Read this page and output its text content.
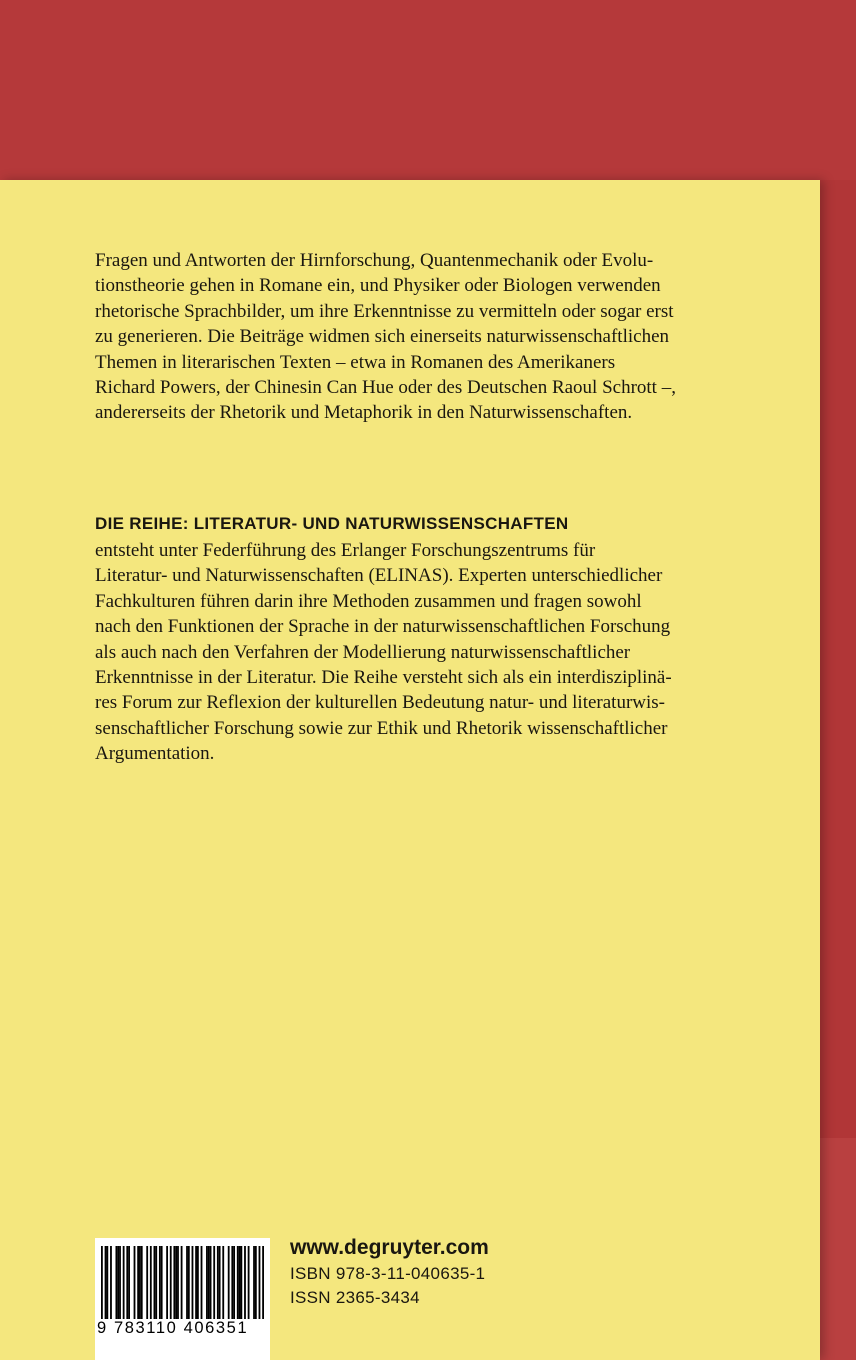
Fragen und Antworten der Hirnforschung, Quantenmechanik oder Evolu-
tionstheorie gehen in Romane ein, und Physiker oder Biologen verwenden
rhetorische Sprachbilder, um ihre Erkenntnisse zu vermitteln oder sogar erst
zu generieren. Die Beiträge widmen sich einerseits naturwissenschaftlichen
Themen in literarischen Texten – etwa in Romanen des Amerikaners
Richard Powers, der Chinesin Can Hue oder des Deutschen Raoul Schrott –,
andererseits der Rhetorik und Metaphorik in den Naturwissenschaften.

DIE REIHE: LITERATUR- UND NATURWISSENSCHAFTEN

entsteht unter Federführung des Erlanger Forschungszentrums für
Literatur- und Naturwissenschaften (ELINAS). Experten unterschiedlicher
Fachkulturen führen darin ihre Methoden zusammen und fragen sowohl
nach den Funktionen der Sprache in der naturwissenschaftlichen Forschung
als auch nach den Verfahren der Modellierung naturwissenschaftlicher
Erkenntnisse in der Literatur. Die Reihe versteht sich als ein interdisziplinä-
res Forum zur Reflexion der kulturellen Bedeutung natur- und literaturwis-
senschaftlicher Forschung sowie zur Ethik und Rhetorik wissenschaftlicher
Argumentation.

9 783110 406351

www.degruyter.com

ISBN 978-3-11-040635-1

ISSN 2365-3434
